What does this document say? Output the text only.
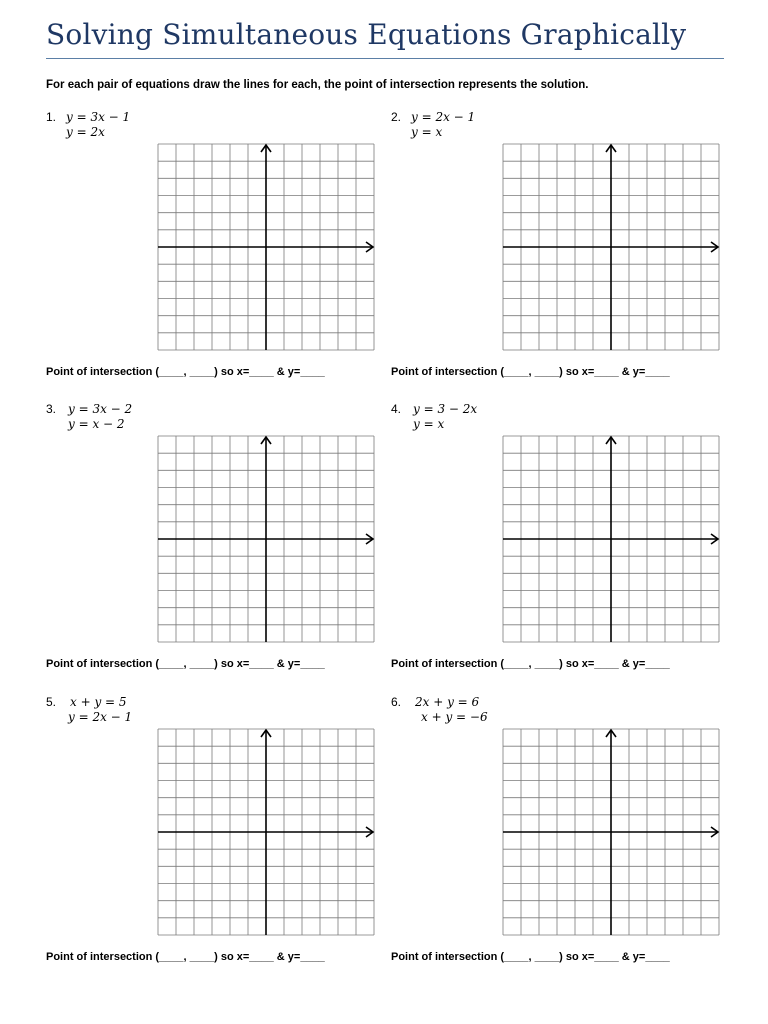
Solving Simultaneous Equations Graphically
For each pair of equations draw the lines for each, the point of intersection represents the solution.
1. y = 3x − 1
y = 2x
Point of intersection (____, ____) so x=____ & y=____
2. y = 2x − 1
y = x
Point of intersection (____, ____) so x=____ & y=____
3. y = 3x − 2
y = x − 2
Point of intersection (____, ____) so x=____ & y=____
4. y = 3 − 2x
y = x
Point of intersection (____, ____) so x=____ & y=____
5. x + y = 5
y = 2x − 1
Point of intersection (____, ____) so x=____ & y=____
6. 2x + y = 6
x + y = −6
Point of intersection (____, ____) so x=____ & y=____
